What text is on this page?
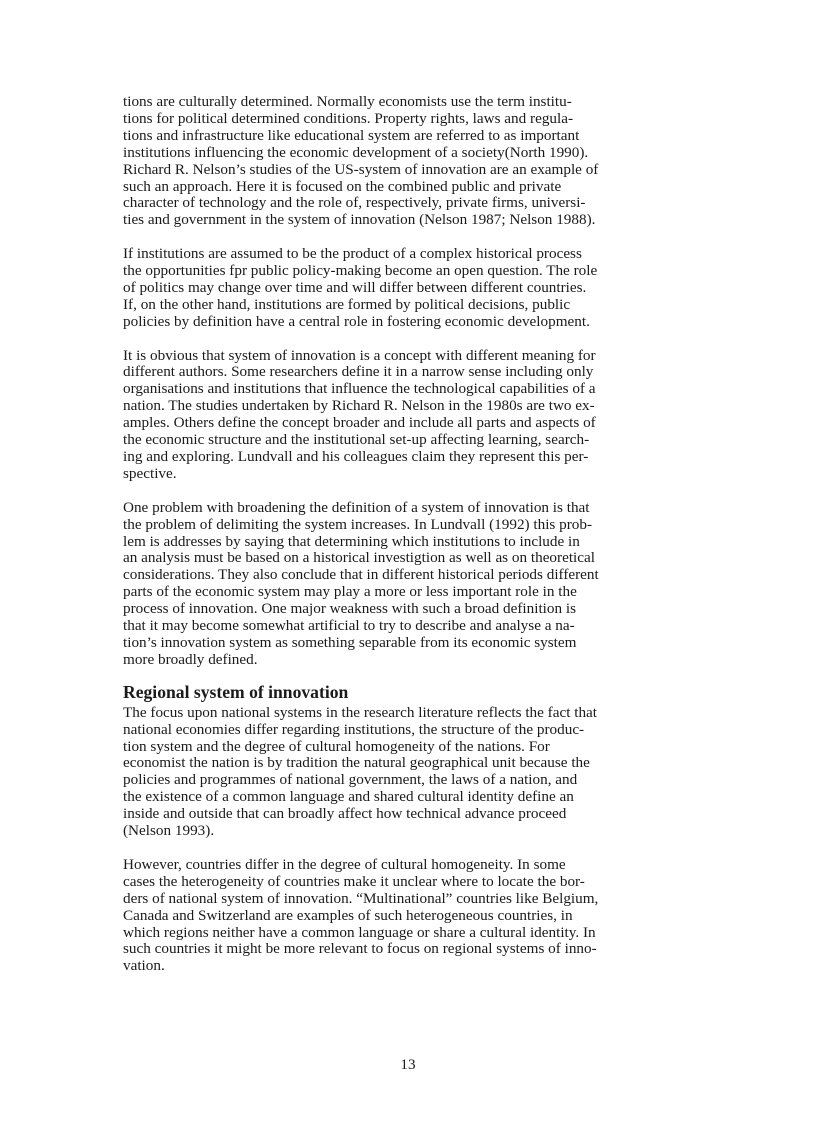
tions are culturally determined. Normally economists use the term institu-
tions for political determined conditions. Property rights, laws and regula-
tions and infrastructure like educational system are referred to as important
institutions influencing the economic development of a society(North 1990).
Richard R. Nelson’s studies of the US-system of innovation are an example of
such an approach. Here it is focused on the combined public and private
character of technology and the role of, respectively, private firms, universi-
ties and government in the system of innovation (Nelson 1987; Nelson 1988).

If institutions are assumed to be the product of a complex historical process
the opportunities fpr public policy-making become an open question. The role
of politics may change over time and will differ between different countries.
If, on the other hand, institutions are formed by political decisions, public
policies by definition have a central role in fostering economic development.

It is obvious that system of innovation is a concept with different meaning for
different authors. Some researchers define it in a narrow sense including only
organisations and institutions that influence the technological capabilities of a
nation. The studies undertaken by Richard R. Nelson in the 1980s are two ex-
amples. Others define the concept broader and include all parts and aspects of
the economic structure and the institutional set-up affecting learning, search-
ing and exploring. Lundvall and his colleagues claim they represent this per-
spective.

One problem with broadening the definition of a system of innovation is that
the problem of delimiting the system increases. In Lundvall (1992) this prob-
lem is addresses by saying that determining which institutions to include in
an analysis must be based on a historical investigtion as well as on theoretical
considerations. They also conclude that in different historical periods different
parts of the economic system may play a more or less important role in the
process of innovation. One major weakness with such a broad definition is
that it may become somewhat artificial to try to describe and analyse a na-
tion’s innovation system as something separable from its economic system
more broadly defined.

Regional system of innovation

The focus upon national systems in the research literature reflects the fact that
national economies differ regarding institutions, the structure of the produc-
tion system and the degree of cultural homogeneity of the nations. For
economist the nation is by tradition the natural geographical unit because the
policies and programmes of national government, the laws of a nation, and
the existence of a common language and shared cultural identity define an
inside and outside that can broadly affect how technical advance proceed
(Nelson 1993).

However, countries differ in the degree of cultural homogeneity. In some
cases the heterogeneity of countries make it unclear where to locate the bor-
ders of national system of innovation. “Multinational” countries like Belgium,
Canada and Switzerland are examples of such heterogeneous countries, in
which regions neither have a common language or share a cultural identity. In
such countries it might be more relevant to focus on regional systems of inno-
vation.

13
